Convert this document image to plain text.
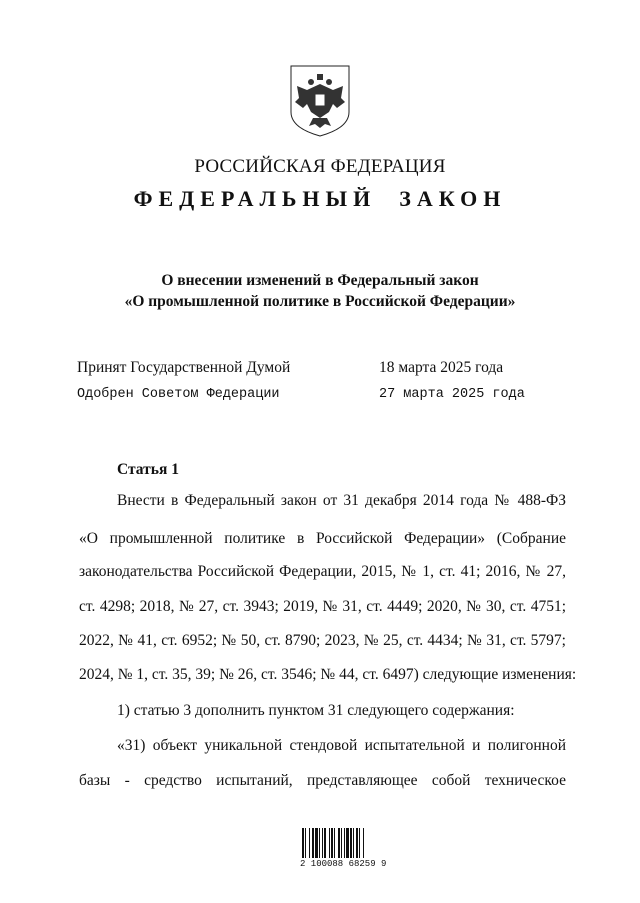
РОССИЙСКАЯ ФЕДЕРАЦИЯ
ФЕДЕРАЛЬНЫЙ  ЗАКОН
О внесении изменений в Федеральный закон
«О промышленной политике в Российской Федерации»
Принят Государственной Думой	18 марта 2025 года
Одобрен Советом Федерации	27 марта 2025 года
Статья 1
Внести в Федеральный закон от 31 декабря 2014 года № 488-ФЗ
«О промышленной политике в Российской Федерации» (Собрание
законодательства Российской Федерации, 2015, № 1, ст. 41; 2016, № 27,
ст. 4298; 2018, № 27, ст. 3943; 2019, № 31, ст. 4449; 2020, № 30, ст. 4751;
2022, № 41, ст. 6952; № 50, ст. 8790; 2023, № 25, ст. 4434; № 31, ст. 5797;
2024, № 1, ст. 35, 39; № 26, ст. 3546; № 44, ст. 6497) следующие изменения:
1) статью 3 дополнить пунктом 31 следующего содержания:
«31) объект уникальной стендовой испытательной и полигонной
базы - средство испытаний, представляющее собой техническое
2 100088 68259 9
